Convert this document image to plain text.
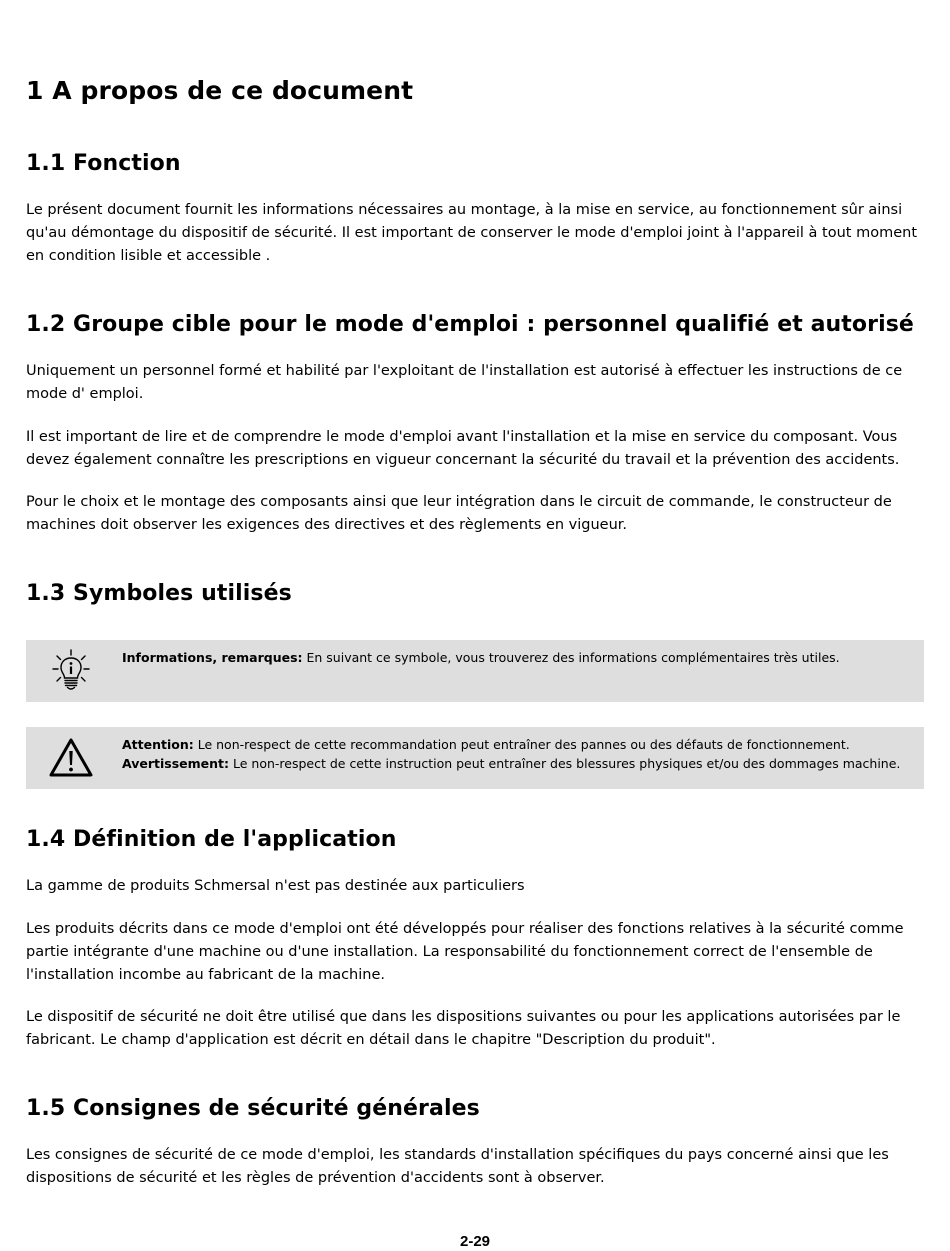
1 A propos de ce document
1.1 Fonction

Le présent document fournit les informations nécessaires au montage, à la mise en service, au fonctionnement sûr ainsi qu'au démontage du dispositif de sécurité. Il est important de conserver le mode d'emploi joint à l'appareil à tout moment en condition lisible et accessible .

1.2 Groupe cible pour le mode d'emploi : personnel qualifié et autorisé

Uniquement un personnel formé et habilité par l'exploitant de l'installation est autorisé à effectuer les instructions de ce mode d' emploi.

Il est important de lire et de comprendre le mode d'emploi avant l'installation et la mise en service du composant. Vous devez également connaître les prescriptions en vigueur concernant la sécurité du travail et la prévention des accidents.

Pour le choix et le montage des composants ainsi que leur intégration dans le circuit de commande, le constructeur de machines doit observer les exigences des directives et des règlements en vigueur.

1.3 Symboles utilisés
Informations, remarques: En suivant ce symbole, vous trouverez des informations complémentaires très utiles.
Attention: Le non-respect de cette recommandation peut entraîner des pannes ou des défauts de fonctionnement.
Avertissement: Le non-respect de cette instruction peut entraîner des blessures physiques et/ou des dommages machine.
1.4 Définition de l'application

La gamme de produits Schmersal n'est pas destinée aux particuliers

Les produits décrits dans ce mode d'emploi ont été développés pour réaliser des fonctions relatives à la sécurité comme partie intégrante d'une machine ou d'une installation. La responsabilité du fonctionnement correct de l'ensemble de l'installation incombe au fabricant de la machine.

Le dispositif de sécurité ne doit être utilisé que dans les dispositions suivantes ou pour les applications autorisées par le fabricant. Le champ d'application est décrit en détail dans le chapitre "Description du produit".

1.5 Consignes de sécurité générales

Les consignes de sécurité de ce mode d'emploi, les standards d'installation spécifiques du pays concerné ainsi que les dispositions de sécurité et les règles de prévention d'accidents sont à observer.

2-29
